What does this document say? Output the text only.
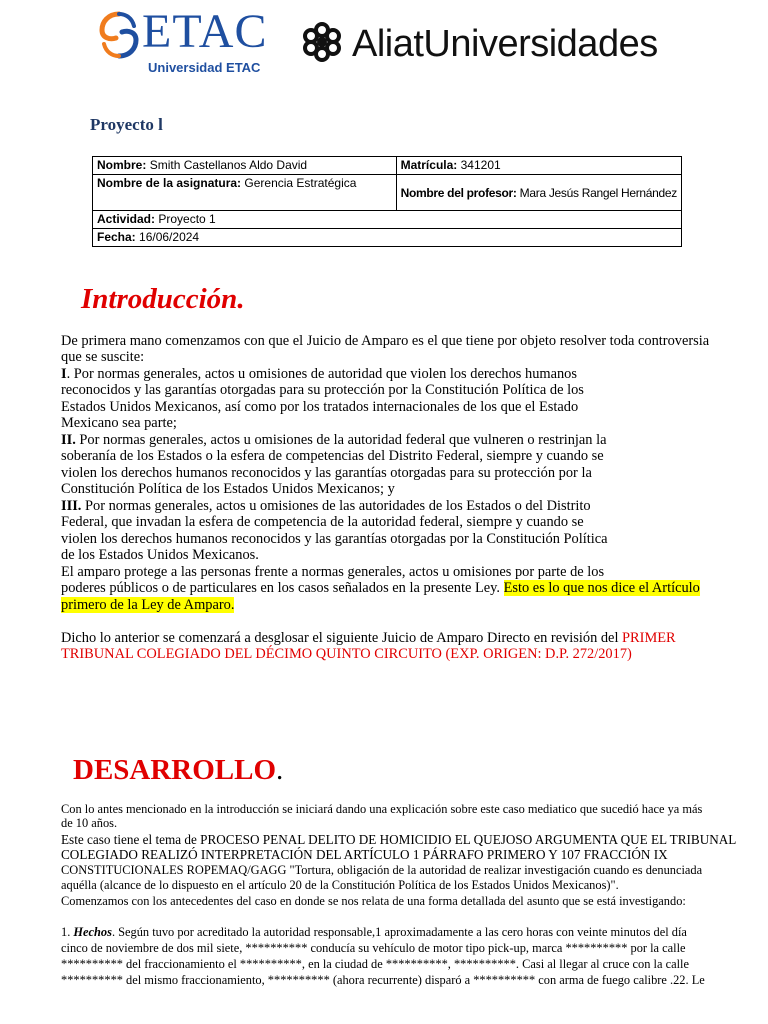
ETAC
Universidad ETAC
AliatUniversidades
Proyecto l
Nombre: Smith Castellanos Aldo David	Matrícula: 341201
Nombre de la asignatura: Gerencia Estratégica	Nombre del profesor: Mara Jesús Rangel Hernández
Actividad: Proyecto 1	
Fecha: 16/06/2024	
Introducción.
De primera mano comenzamos con que el Juicio de Amparo es el que tiene por objeto resolver toda controversia
que se suscite:
I. Por normas generales, actos u omisiones de autoridad que violen los derechos humanos
reconocidos y las garantías otorgadas para su protección por la Constitución Política de los
Estados Unidos Mexicanos, así como por los tratados internacionales de los que el Estado
Mexicano sea parte;
II. Por normas generales, actos u omisiones de la autoridad federal que vulneren o restrinjan la
soberanía de los Estados o la esfera de competencias del Distrito Federal, siempre y cuando se
violen los derechos humanos reconocidos y las garantías otorgadas para su protección por la
Constitución Política de los Estados Unidos Mexicanos; y
III. Por normas generales, actos u omisiones de las autoridades de los Estados o del Distrito
Federal, que invadan la esfera de competencia de la autoridad federal, siempre y cuando se
violen los derechos humanos reconocidos y las garantías otorgadas por la Constitución Política
de los Estados Unidos Mexicanos.
El amparo protege a las personas frente a normas generales, actos u omisiones por parte de los
poderes públicos o de particulares en los casos señalados en la presente Ley. Esto es lo que nos dice el Artículo
primero de la Ley de Amparo.
Dicho lo anterior se comenzará a desglosar el siguiente Juicio de Amparo Directo en revisión del PRIMER
TRIBUNAL COLEGIADO DEL DÉCIMO QUINTO CIRCUITO (EXP. ORIGEN: D.P. 272/2017)
DESARROLLO.
Con lo antes mencionado en la introducción se iniciará dando una explicación sobre este caso mediatico que sucedió hace ya más
de 10 años.
Este caso tiene el tema de PROCESO PENAL DELITO DE HOMICIDIO EL QUEJOSO ARGUMENTA QUE EL TRIBUNAL
COLEGIADO REALIZÓ INTERPRETACIÓN DEL ARTÍCULO 1 PÁRRAFO PRIMERO Y 107 FRACCIÓN IX
CONSTITUCIONALES ROPEMAQ/GAGG "Tortura, obligación de la autoridad de realizar investigación cuando es denunciada
aquélla (alcance de lo dispuesto en el artículo 20 de la Constitución Política de los Estados Unidos Mexicanos)".
Comenzamos con los antecedentes del caso en donde se nos relata de una forma detallada del asunto que se está investigando:
1. Hechos. Según tuvo por acreditado la autoridad responsable,1 aproximadamente a las cero horas con veinte minutos del día
cinco de noviembre de dos mil siete, ********** conducía su vehículo de motor tipo pick-up, marca ********** por la calle
********** del fraccionamiento el **********, en la ciudad de **********, **********. Casi al llegar al cruce con la calle
********** del mismo fraccionamiento, ********** (ahora recurrente) disparó a ********** con arma de fuego calibre .22. Le
